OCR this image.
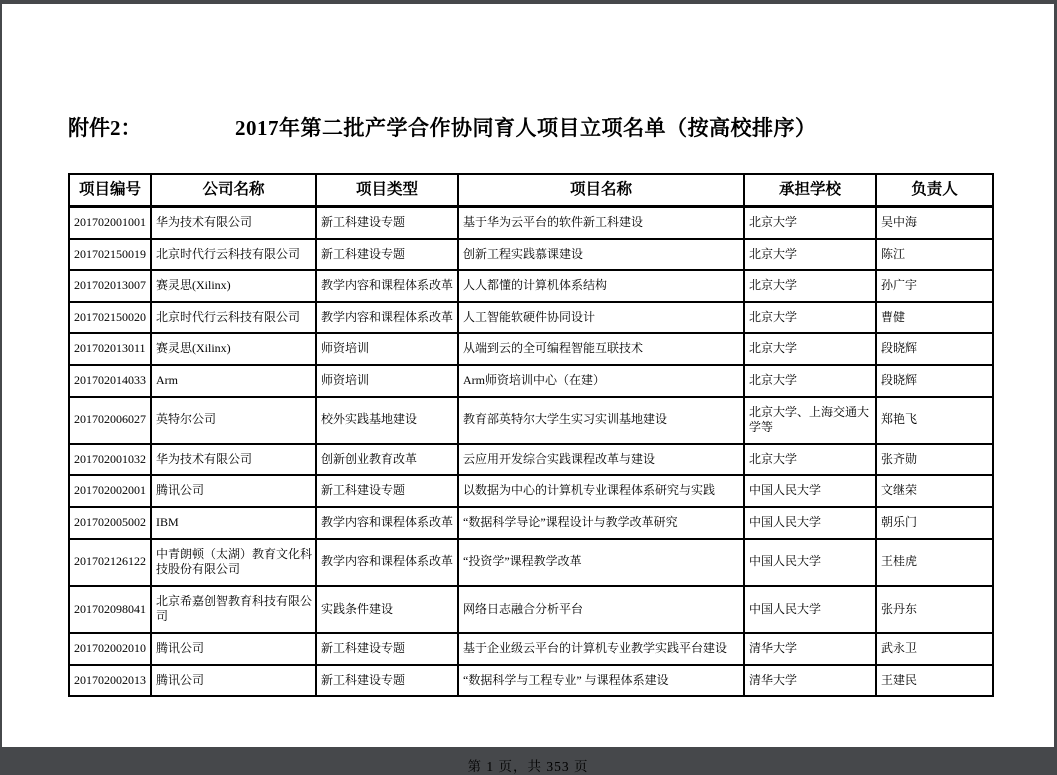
附件2：	2017年第二批产学合作协同育人项目立项名单（按高校排序）
项目编号	公司名称	项目类型	项目名称	承担学校	负责人
201702001001	华为技术有限公司	新工科建设专题	基于华为云平台的软件新工科建设	北京大学	吴中海
201702150019	北京时代行云科技有限公司	新工科建设专题	创新工程实践慕课建设	北京大学	陈江
201702013007	赛灵思(Xilinx)	教学内容和课程体系改革	人人都懂的计算机体系结构	北京大学	孙广宇
201702150020	北京时代行云科技有限公司	教学内容和课程体系改革	人工智能软硬件协同设计	北京大学	曹健
201702013011	赛灵思(Xilinx)	师资培训	从端到云的全可编程智能互联技术	北京大学	段晓辉
201702014033	Arm	师资培训	Arm师资培训中心（在建）	北京大学	段晓辉
201702006027	英特尔公司	校外实践基地建设	教育部英特尔大学生实习实训基地建设	北京大学、上海交通大学等	郑艳飞
201702001032	华为技术有限公司	创新创业教育改革	云应用开发综合实践课程改革与建设	北京大学	张齐勋
201702002001	腾讯公司	新工科建设专题	以数据为中心的计算机专业课程体系研究与实践	中国人民大学	文继荣
201702005002	IBM	教学内容和课程体系改革	“数据科学导论”课程设计与教学改革研究	中国人民大学	朝乐门
201702126122	中青朗顿（太湖）教育文化科技股份有限公司	教学内容和课程体系改革	“投资学”课程教学改革	中国人民大学	王桂虎
201702098041	北京希嘉创智教育科技有限公司	实践条件建设	网络日志融合分析平台	中国人民大学	张丹东
201702002010	腾讯公司	新工科建设专题	基于企业级云平台的计算机专业教学实践平台建设	清华大学	武永卫
201702002013	腾讯公司	新工科建设专题	“数据科学与工程专业” 与课程体系建设	清华大学	王建民
第 1 页，共 353 页
